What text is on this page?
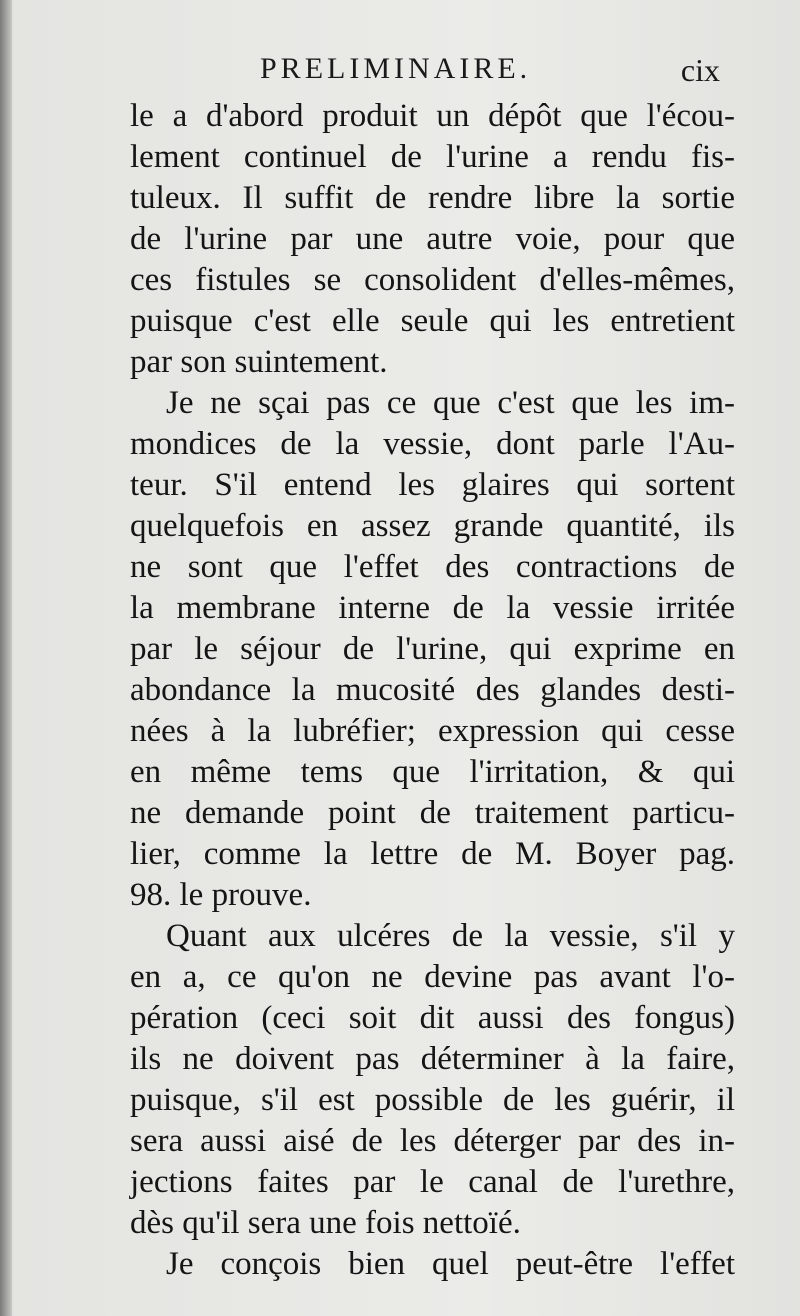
PRELIMINAIRE.	cix
le a d'abord produit un dépôt que l'écou-
lement continuel de l'urine a rendu fis-
tuleux. Il suffit de rendre libre la sortie
de l'urine par une autre voie, pour que
ces fistules se consolident d'elles-mêmes,
puisque c'est elle seule qui les entretient
par son suintement.
Je ne sçai pas ce que c'est que les im-
mondices de la vessie, dont parle l'Au-
teur. S'il entend les glaires qui sortent
quelquefois en assez grande quantité, ils
ne sont que l'effet des contractions de
la membrane interne de la vessie irritée
par le séjour de l'urine, qui exprime en
abondance la mucosité des glandes desti-
nées à la lubréfier; expression qui cesse
en même tems que l'irritation, & qui
ne demande point de traitement particu-
lier, comme la lettre de M. Boyer pag.
98. le prouve.
Quant aux ulcéres de la vessie, s'il y
en a, ce qu'on ne devine pas avant l'o-
pération (ceci soit dit aussi des fongus)
ils ne doivent pas déterminer à la faire,
puisque, s'il est possible de les guérir, il
sera aussi aisé de les déterger par des in-
jections faites par le canal de l'urethre,
dès qu'il sera une fois nettoïé.
Je conçois bien quel peut-être l'effet
